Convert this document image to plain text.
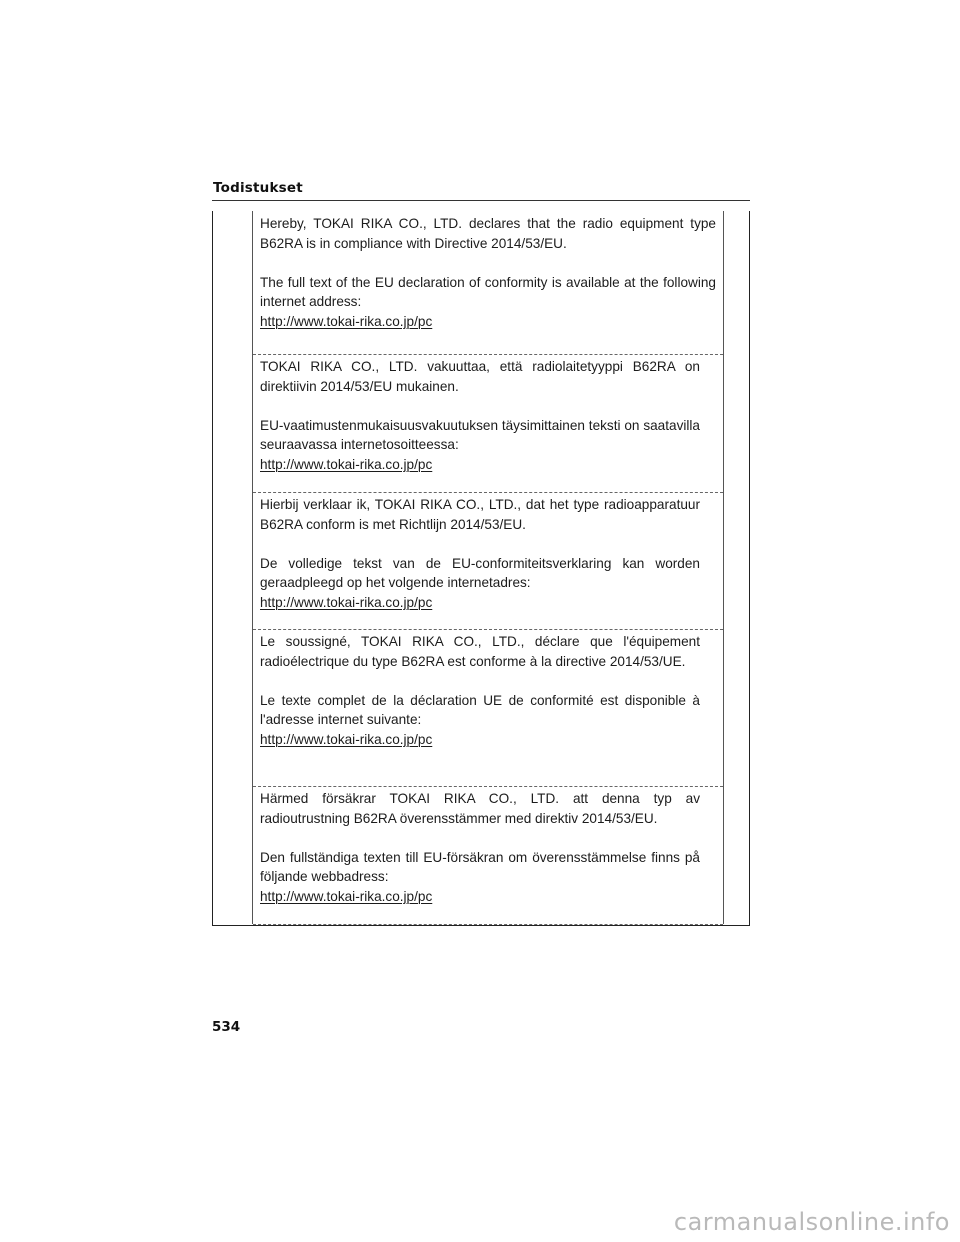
Todistukset

Hereby, TOKAI RIKA CO., LTD. declares that the radio equipment type B62RA is in compliance with Directive 2014/53/EU.

The full text of the EU declaration of conformity is available at the following internet address:

http://www.tokai-rika.co.jp/pc

TOKAI RIKA CO., LTD. vakuuttaa, että radiolaitetyyppi B62RA on direktiivin 2014/53/EU mukainen.

EU-vaatimustenmukaisuusvakuutuksen täysimittainen teksti on saatavilla seuraavassa internetosoitteessa:

http://www.tokai-rika.co.jp/pc

Hierbij verklaar ik, TOKAI RIKA CO., LTD., dat het type radioapparatuur B62RA conform is met Richtlijn 2014/53/EU.

De volledige tekst van de EU-conformiteitsverklaring kan worden geraadpleegd op het volgende internetadres:

http://www.tokai-rika.co.jp/pc

Le soussigné, TOKAI RIKA CO., LTD., déclare que l'équipement radioélectrique du type B62RA est conforme à la directive 2014/53/UE.

Le texte complet de la déclaration UE de conformité est disponible à l'adresse internet suivante:

http://www.tokai-rika.co.jp/pc

Härmed försäkrar TOKAI RIKA CO., LTD. att denna typ av radioutrustning B62RA överensstämmer med direktiv 2014/53/EU.

Den fullständiga texten till EU-försäkran om överensstämmelse finns på följande webbadress:

http://www.tokai-rika.co.jp/pc
534
carmanualsonline.info
